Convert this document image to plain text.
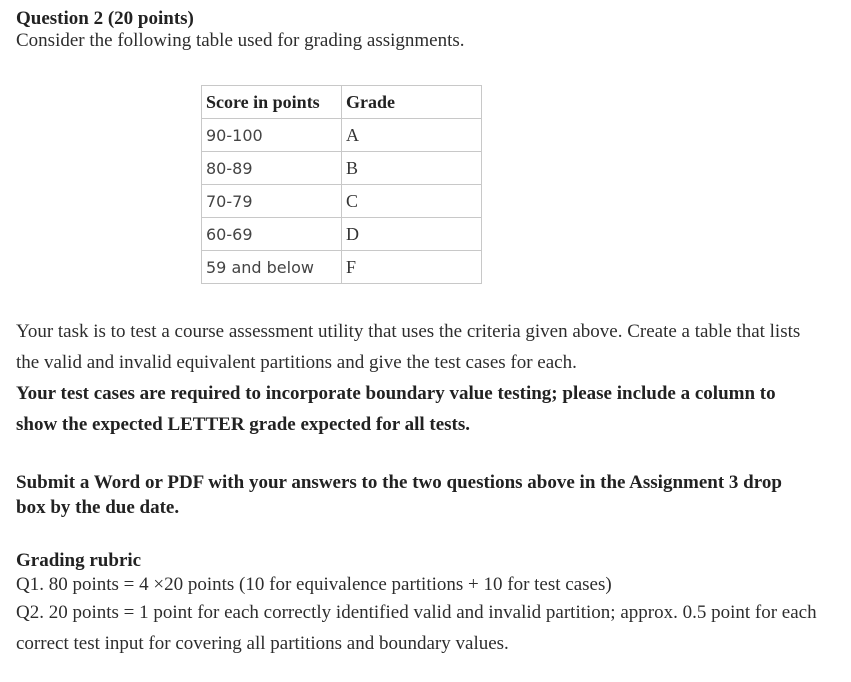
Question 2 (20 points)

Consider the following table used for grading assignments.

Score in points	Grade
90-100	A
80-89	B
70-79	C
60-69	D
59 and below	F

Your task is to test a course assessment utility that uses the criteria given above. Create a table that lists the valid and invalid equivalent partitions and give the test cases for each.
Your test cases are required to incorporate boundary value testing; please include a column to show the expected LETTER grade expected for all tests.

Submit a Word or PDF with your answers to the two questions above in the Assignment 3 drop box by the due date.

Grading rubric
Q1. 80 points = 4 ×20 points (10 for equivalence partitions + 10 for test cases)
Q2. 20 points = 1 point for each correctly identified valid and invalid partition; approx. 0.5 point for each correct test input for covering all partitions and boundary values.
